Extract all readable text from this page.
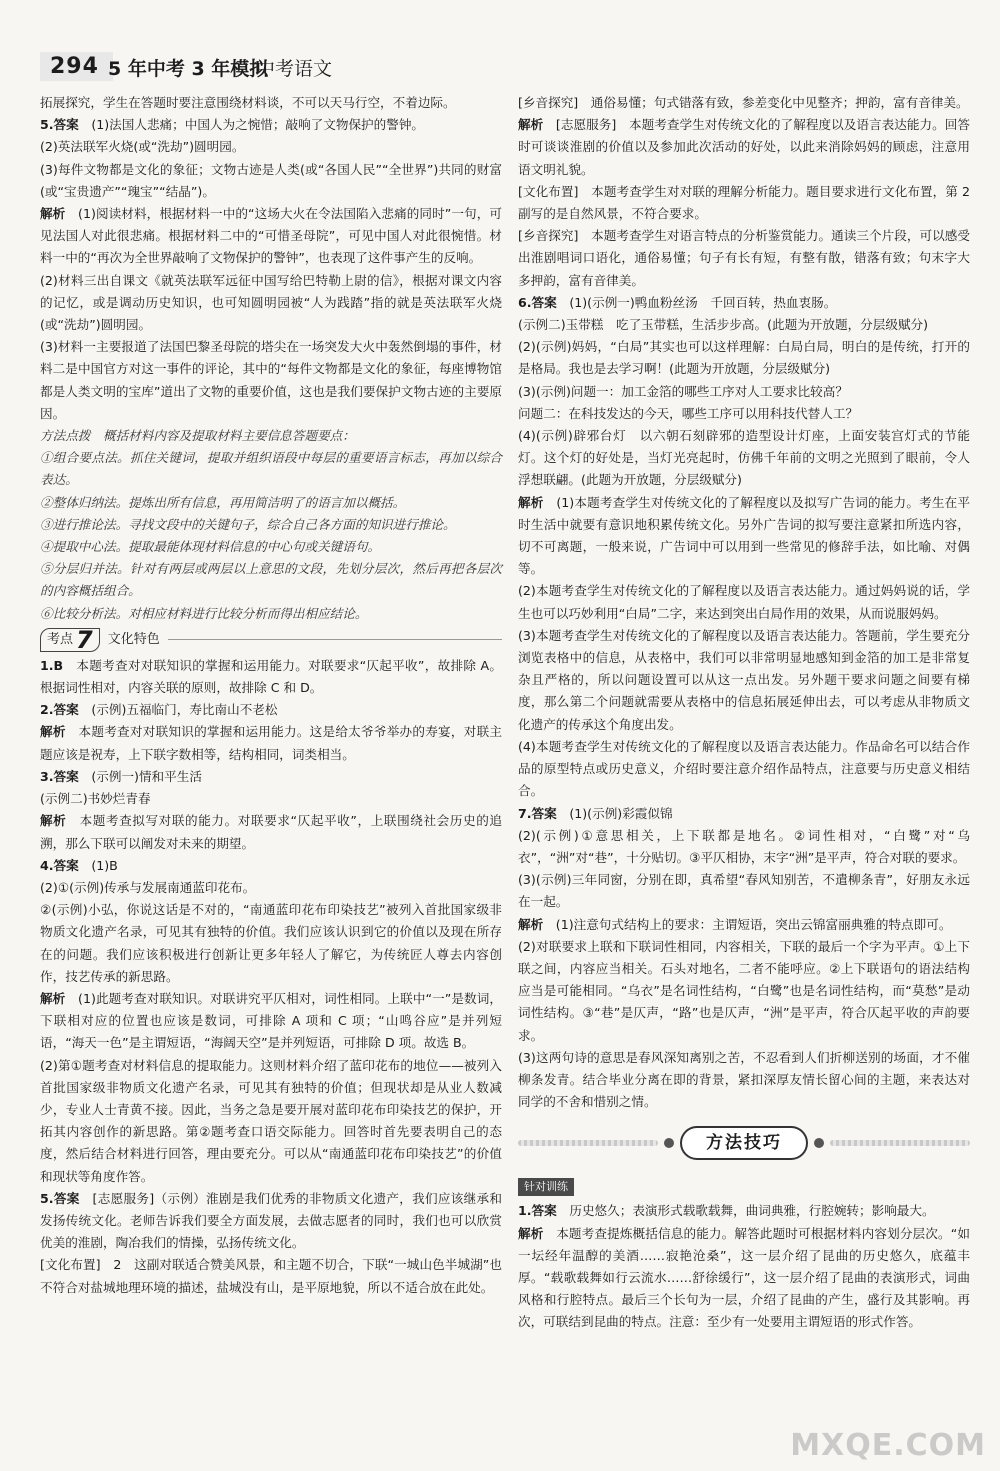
294 5 年中考 3 年模拟
中考语文

拓展探究，学生在答题时要注意围绕材料谈，不可以天马行空，不着边际。

5.答案　(1)法国人悲痛；中国人为之惋惜；敲响了文物保护的警钟。

(2)英法联军火烧(或“洗劫”)圆明园。

(3)每件文物都是文化的象征；文物古迹是人类(或“各国人民”“全世界”)共同的财富(或“宝贵遗产”“瑰宝”“结晶”)。

解析　(1)阅读材料，根据材料一中的“这场大火在令法国陷入悲痛的同时”一句，可见法国人对此很悲痛。根据材料二中的“可惜圣母院”，可见中国人对此很惋惜。材料一中的“再次为全世界敲响了文物保护的警钟”，也表现了这件事产生的反响。

(2)材料三出自课文《就英法联军远征中国写给巴特勒上尉的信》，根据对课文内容的记忆，或是调动历史知识，也可知圆明园被“人为践踏”指的就是英法联军火烧(或“洗劫”)圆明园。

(3)材料一主要报道了法国巴黎圣母院的塔尖在一场突发大火中轰然倒塌的事件，材料二是中国官方对这一事件的评论，其中的“每件文物都是文化的象征，每座博物馆都是人类文明的宝库”道出了文物的重要价值，这也是我们要保护文物古迹的主要原因。

方法点拨　概括材料内容及提取材料主要信息答题要点：

①组合要点法。抓住关键词，提取并组织语段中每层的重要语言标志，再加以综合表达。

②整体归纳法。提炼出所有信息，再用简洁明了的语言加以概括。

③进行推论法。寻找文段中的关键句子，综合自己各方面的知识进行推论。

④提取中心法。提取最能体现材料信息的中心句或关键语句。

⑤分层归并法。针对有两层或两层以上意思的文段，先划分层次，然后再把各层次的内容概括组合。

⑥比较分析法。对相应材料进行比较分析而得出相应结论。

考点 7 文化特色

1.B　本题考查对对联知识的掌握和运用能力。对联要求“仄起平收”，故排除 A。根据词性相对，内容关联的原则，故排除 C 和 D。

2.答案　(示例)五福临门，寿比南山不老松

解析　本题考查对对联知识的掌握和运用能力。这是给太爷爷举办的寿宴，对联主题应该是祝寿，上下联字数相等，结构相同，词类相当。

3.答案　(示例一)情和平生活

(示例二)书妙烂青春

解析　本题考查拟写对联的能力。对联要求“仄起平收”，上联围绕社会历史的追溯，那么下联可以阐发对未来的期望。

4.答案　(1)B

(2)①(示例)传承与发展南通蓝印花布。

②(示例)小弘，你说这话是不对的，“南通蓝印花布印染技艺”被列入首批国家级非物质文化遗产名录，可见其有独特的价值。我们应该认识到它的价值以及现在所存在的问题。我们应该积极进行创新让更多年轻人了解它，为传统匠人尊去内容创作，技艺传承的新思路。

解析　(1)此题考查对联知识。对联讲究平仄相对，词性相同。上联中“一”是数词，下联相对应的位置也应该是数词，可排除 A 项和 C 项；“山鸣谷应”是并列短语，“海天一色”是主谓短语，“海阔天空”是并列短语，可排除 D 项。故选 B。

(2)第①题考查对材料信息的提取能力。这则材料介绍了蓝印花布的地位——被列入首批国家级非物质文化遗产名录，可见其有独特的价值；但现状却是从业人数减少，专业人士青黄不接。因此，当务之急是要开展对蓝印花布印染技艺的保护，开拓其内容创作的新思路。第②题考查口语交际能力。回答时首先要表明自己的态度，然后结合材料进行回答，理由要充分。可以从“南通蓝印花布印染技艺”的价值和现状等角度作答。

5.答案　[志愿服务]（示例）淮剧是我们优秀的非物质文化遗产，我们应该继承和发扬传统文化。老师告诉我们要全方面发展，去做志愿者的同时，我们也可以欣赏优美的淮剧，陶冶我们的情操，弘扬传统文化。

[文化布置]　2　这副对联适合赞美风景，和主题不切合，下联“一城山色半城湖”也不符合对盐城地理环境的描述，盐城没有山，是平原地貌，所以不适合放在此处。

[乡音探究]　通俗易懂；句式错落有致，参差变化中见整齐；押韵，富有音律美。

解析　[志愿服务]　本题考查学生对传统文化的了解程度以及语言表达能力。回答时可谈谈淮剧的价值以及参加此次活动的好处，以此来消除妈妈的顾虑，注意用语文明礼貌。

[文化布置]　本题考查学生对对联的理解分析能力。题目要求进行文化布置，第 2 副写的是自然风景，不符合要求。

[乡音探究]　本题考查学生对语言特点的分析鉴赏能力。通读三个片段，可以感受出淮剧唱词口语化，通俗易懂；句子有长有短，有整有散，错落有致；句末字大多押韵，富有音律美。

6.答案　(1)(示例一)鸭血粉丝汤　千回百转，热血衷肠。

(示例二)玉带糕　吃了玉带糕，生活步步高。(此题为开放题，分层级赋分)

(2)(示例)妈妈，“白局”其实也可以这样理解：白局白局，明白的是传统，打开的是格局。我也是去学习啊！(此题为开放题，分层级赋分)

(3)(示例)问题一：加工金箔的哪些工序对人工要求比较高？

问题二：在科技发达的今天，哪些工序可以用科技代替人工？

(4)(示例)辟邪台灯　以六朝石刻辟邪的造型设计灯座，上面安装宫灯式的节能灯。这个灯的好处是，当灯光亮起时，仿佛千年前的文明之光照到了眼前，令人浮想联翩。(此题为开放题，分层级赋分)

解析　(1)本题考查学生对传统文化的了解程度以及拟写广告词的能力。考生在平时生活中就要有意识地积累传统文化。另外广告词的拟写要注意紧扣所选内容，切不可离题，一般来说，广告词中可以用到一些常见的修辞手法，如比喻、对偶等。

(2)本题考查学生对传统文化的了解程度以及语言表达能力。通过妈妈说的话，学生也可以巧妙利用“白局”二字，来达到突出白局作用的效果，从而说服妈妈。

(3)本题考查学生对传统文化的了解程度以及语言表达能力。答题前，学生要充分浏览表格中的信息，从表格中，我们可以非常明显地感知到金箔的加工是非常复杂且严格的，所以问题设置可以从这一点出发。另外题干要求问题之间要有梯度，那么第二个问题就需要从表格中的信息拓展延伸出去，可以考虑从非物质文化遗产的传承这个角度出发。

(4)本题考查学生对传统文化的了解程度以及语言表达能力。作品命名可以结合作品的原型特点或历史意义，介绍时要注意介绍作品特点，注意要与历史意义相结合。

7.答案　(1)(示例)彩霞似锦

(2)(示例)①意思相关，上下联都是地名。②词性相对，“白鹭”对“乌衣”，“洲”对“巷”，十分贴切。③平仄相协，末字“洲”是平声，符合对联的要求。

(3)(示例)三年同窗，分别在即，真希望“春风知别苦，不遣柳条青”，好朋友永远在一起。

解析　(1)注意句式结构上的要求：主谓短语，突出云锦富丽典雅的特点即可。

(2)对联要求上联和下联词性相同，内容相关，下联的最后一个字为平声。①上下联之间，内容应当相关。石头对地名，二者不能呼应。②上下联语句的语法结构应当是可能相同。“乌衣”是名词性结构，“白鹭”也是名词性结构，而“莫愁”是动词性结构。③“巷”是仄声，“路”也是仄声，“洲”是平声，符合仄起平收的声韵要求。

(3)这两句诗的意思是春风深知离别之苦，不忍看到人们折柳送别的场面，才不催柳条发青。结合毕业分离在即的背景，紧扣深厚友情长留心间的主题，来表达对同学的不舍和惜别之情。

方法技巧
针对训练

1.答案　历史悠久；表演形式载歌载舞，曲词典雅，行腔婉转；影响最大。

解析　本题考查提炼概括信息的能力。解答此题时可根据材料内容划分层次。“如一坛经年温醇的美酒……寂艳沧桑”，这一层介绍了昆曲的历史悠久，底蕴丰厚。“载歌载舞如行云流水……舒徐缓行”，这一层介绍了昆曲的表演形式，词曲风格和行腔特点。最后三个长句为一层，介绍了昆曲的产生，盛行及其影响。再次，可联结到昆曲的特点。注意：至少有一处要用主谓短语的形式作答。

MXQE.COM
